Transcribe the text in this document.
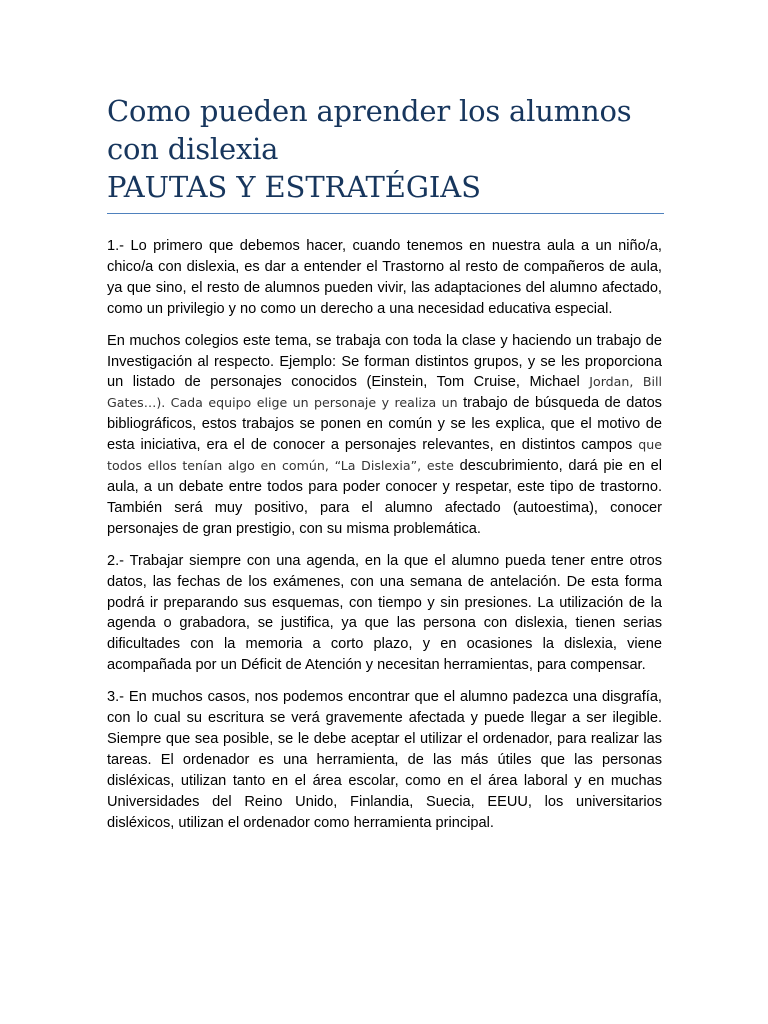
Como pueden aprender los alumnos
con dislexia
PAUTAS Y ESTRATÉGIAS

1.- Lo primero que debemos hacer, cuando tenemos en nuestra aula a un niño/a, chico/a con dislexia, es dar a entender el Trastorno al resto de compañeros de aula, ya que sino, el resto de alumnos pueden vivir, las adaptaciones del alumno afectado, como un privilegio y no como un derecho a una necesidad educativa especial.

En muchos colegios este tema, se trabaja con toda la clase y haciendo un trabajo de Investigación al respecto. Ejemplo: Se forman distintos grupos, y se les proporciona un listado de personajes conocidos (Einstein, Tom Cruise, Michael Jordan, Bill Gates…). Cada equipo elige un personaje y realiza un trabajo de búsqueda de datos bibliográficos, estos trabajos se ponen en común y se les explica, que el motivo de esta iniciativa, era el de conocer a personajes relevantes, en distintos campos que todos ellos tenían algo en común, “La Dislexia”, este descubrimiento, dará pie en el aula, a un debate entre todos para poder conocer y respetar, este tipo de trastorno. También será muy positivo, para el alumno afectado (autoestima), conocer personajes de gran prestigio, con su misma problemática.

2.- Trabajar siempre con una agenda, en la que el alumno pueda tener entre otros datos, las fechas de los exámenes, con una semana de antelación. De esta forma podrá ir preparando sus esquemas, con tiempo y sin presiones. La utilización de la agenda o grabadora, se justifica, ya que las persona con dislexia, tienen serias dificultades con la memoria a corto plazo, y en ocasiones la dislexia, viene acompañada por un Déficit de Atención y necesitan herramientas, para compensar.

3.- En muchos casos, nos podemos encontrar que el alumno padezca una disgrafía, con lo cual su escritura se verá gravemente afectada y puede llegar a ser ilegible. Siempre que sea posible, se le debe aceptar el utilizar el ordenador, para realizar las tareas. El ordenador es una herramienta, de las más útiles que las personas disléxicas, utilizan tanto en el área escolar, como en el área laboral y en muchas Universidades del Reino Unido, Finlandia, Suecia, EEUU, los universitarios disléxicos, utilizan el ordenador como herramienta principal.
